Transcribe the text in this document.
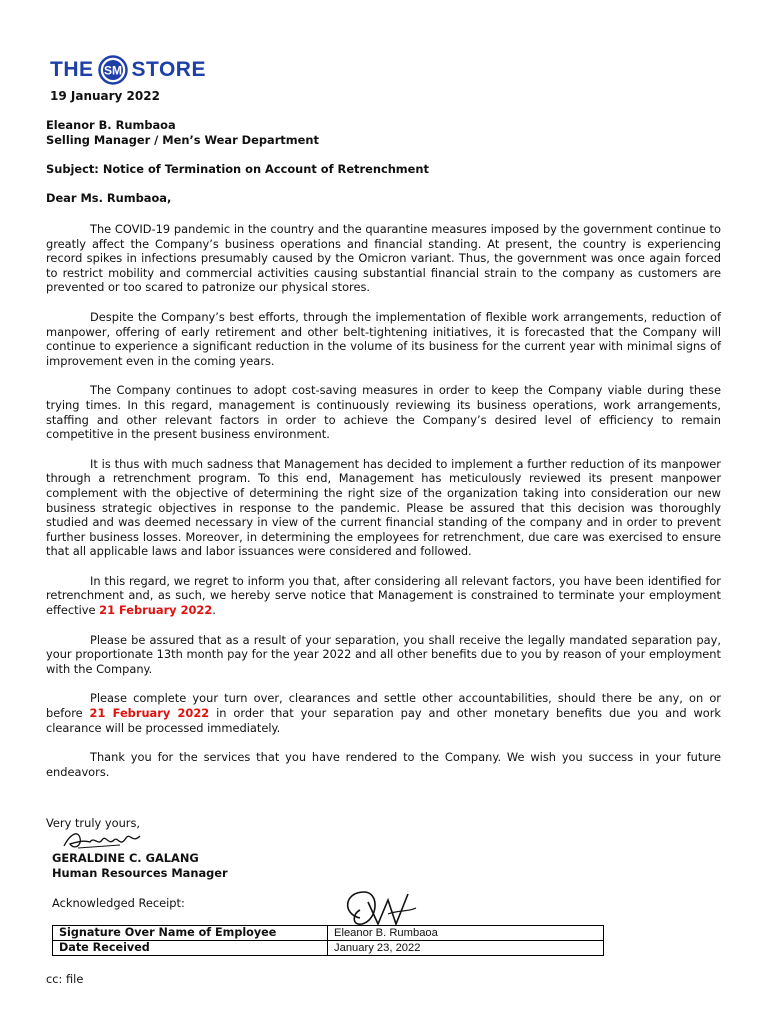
THE SM STORE
19 January 2022
Eleanor B. Rumbaoa
Selling Manager / Men’s Wear Department
Subject: Notice of Termination on Account of Retrenchment
Dear Ms. Rumbaoa,

The COVID-19 pandemic in the country and the quarantine measures imposed by the government continue to greatly affect the Company’s business operations and financial standing. At present, the country is experiencing record spikes in infections presumably caused by the Omicron variant. Thus, the government was once again forced to restrict mobility and commercial activities causing substantial financial strain to the company as customers are prevented or too scared to patronize our physical stores.

Despite the Company’s best efforts, through the implementation of flexible work arrangements, reduction of manpower, offering of early retirement and other belt-tightening initiatives, it is forecasted that the Company will continue to experience a significant reduction in the volume of its business for the current year with minimal signs of improvement even in the coming years.

The Company continues to adopt cost-saving measures in order to keep the Company viable during these trying times. In this regard, management is continuously reviewing its business operations, work arrangements, staffing and other relevant factors in order to achieve the Company’s desired level of efficiency to remain competitive in the present business environment.

It is thus with much sadness that Management has decided to implement a further reduction of its manpower through a retrenchment program. To this end, Management has meticulously reviewed its present manpower complement with the objective of determining the right size of the organization taking into consideration our new business strategic objectives in response to the pandemic. Please be assured that this decision was thoroughly studied and was deemed necessary in view of the current financial standing of the company and in order to prevent further business losses. Moreover, in determining the employees for retrenchment, due care was exercised to ensure that all applicable laws and labor issuances were considered and followed.

In this regard, we regret to inform you that, after considering all relevant factors, you have been identified for retrenchment and, as such, we hereby serve notice that Management is constrained to terminate your employment effective 21 February 2022.

Please be assured that as a result of your separation, you shall receive the legally mandated separation pay, your proportionate 13th month pay for the year 2022 and all other benefits due to you by reason of your employment with the Company.

Please complete your turn over, clearances and settle other accountabilities, should there be any, on or before 21 February 2022 in order that your separation pay and other monetary benefits due you and work clearance will be processed immediately.

Thank you for the services that you have rendered to the Company. We wish you success in your future endeavors.

Very truly yours,
GERALDINE C. GALANG
Human Resources Manager
Acknowledged Receipt:
Signature Over Name of Employee	Eleanor B. Rumbaoa
Date Received	January 23, 2022
cc: file
